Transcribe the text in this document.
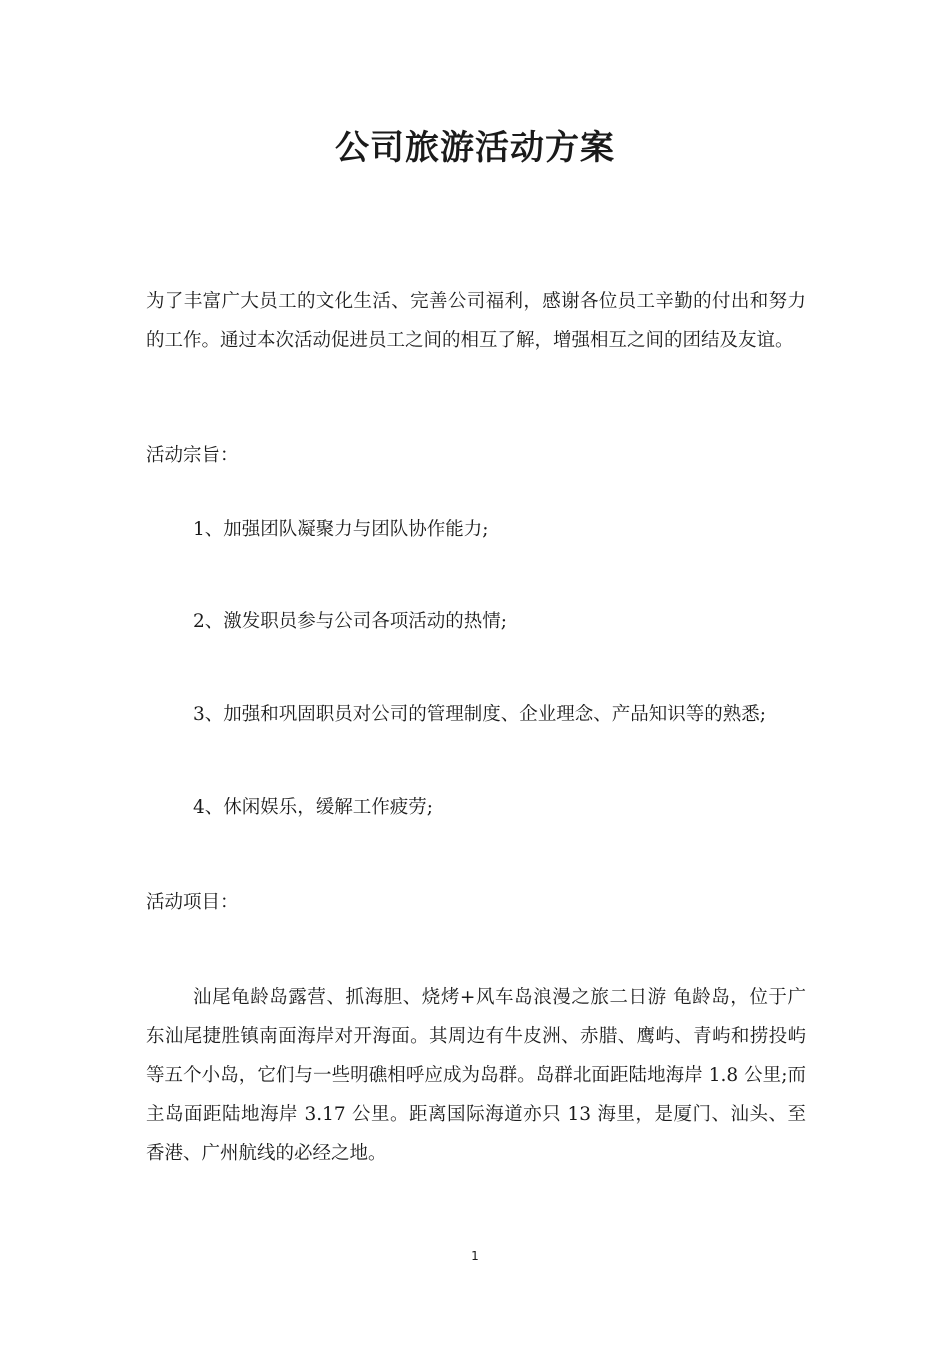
公司旅游活动方案

为了丰富广大员工的文化生活、完善公司福利，感谢各位员工辛勤的付出和努力的工作。通过本次活动促进员工之间的相互了解，增强相互之间的团结及友谊。

活动宗旨：

1、加强团队凝聚力与团队协作能力;

2、激发职员参与公司各项活动的热情;

3、加强和巩固职员对公司的管理制度、企业理念、产品知识等的熟悉;

4、休闲娱乐，缓解工作疲劳;

活动项目：

汕尾龟龄岛露营、抓海胆、烧烤+风车岛浪漫之旅二日游 龟龄岛，位于广东汕尾捷胜镇南面海岸对开海面。其周边有牛皮洲、赤腊、鹰屿、青屿和捞投屿等五个小岛，它们与一些明礁相呼应成为岛群。岛群北面距陆地海岸 1.8 公里;而主岛面距陆地海岸 3.17 公里。距离国际海道亦只 13 海里，是厦门、汕头、至香港、广州航线的必经之地。

1
